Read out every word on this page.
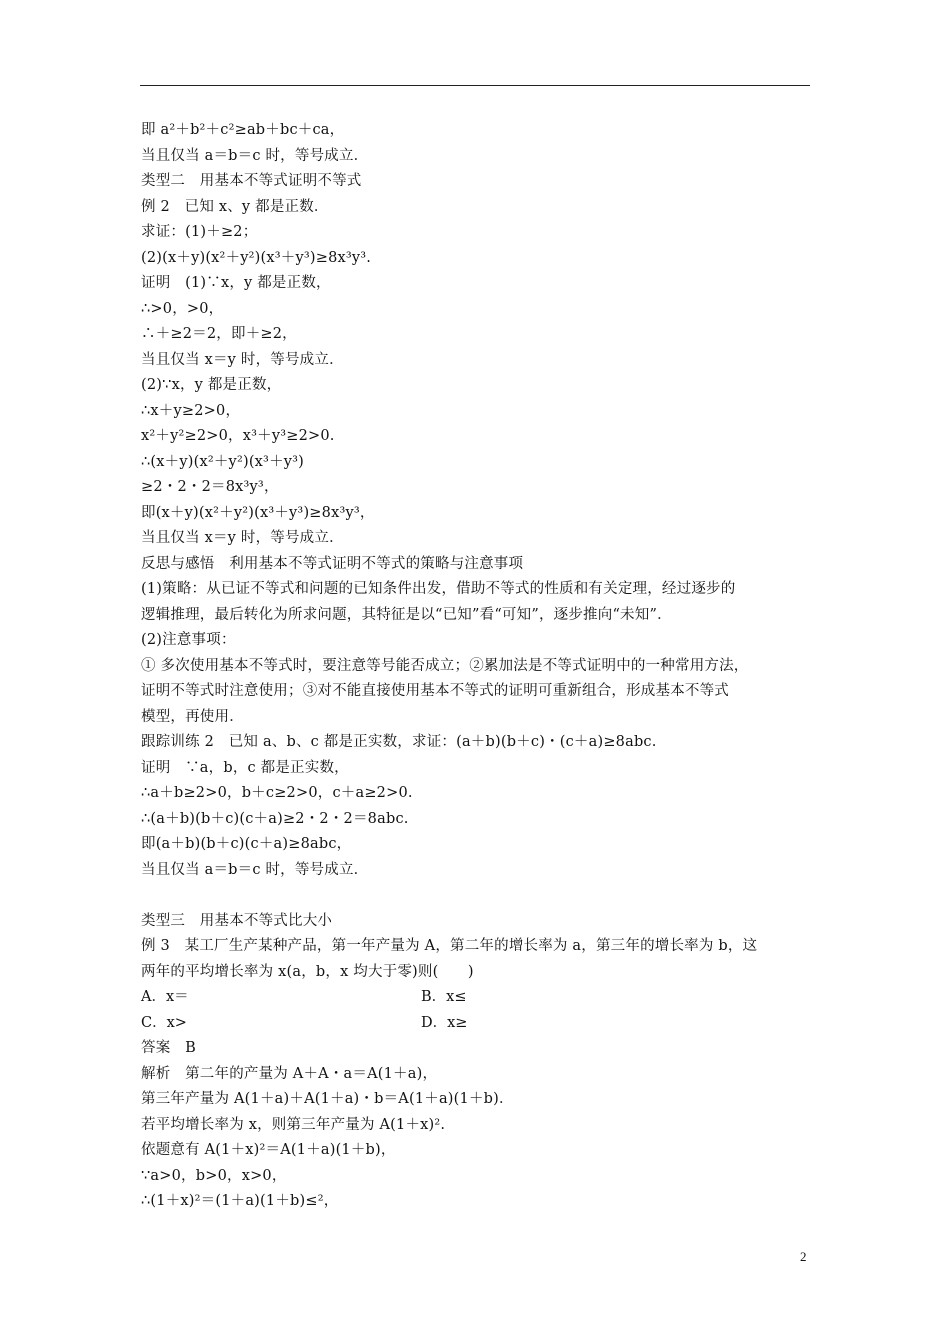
即 a²＋b²＋c²≥ab＋bc＋ca，
当且仅当 a＝b＝c 时，等号成立．
类型二　用基本不等式证明不等式
例 2　已知 x、y 都是正数．
求证：(1)＋≥2；
(2)(x＋y)(x²＋y²)(x³＋y³)≥8x³y³.
证明　(1)∵x，y 都是正数，
∴>0，>0，
∴＋≥2＝2，即＋≥2，
当且仅当 x＝y 时，等号成立．
(2)∵x，y 都是正数，
∴x＋y≥2>0，
x²＋y²≥2>0，x³＋y³≥2>0.
∴(x＋y)(x²＋y²)(x³＋y³)
≥2・2・2＝8x³y³，
即(x＋y)(x²＋y²)(x³＋y³)≥8x³y³，
当且仅当 x＝y 时，等号成立．
反思与感悟　利用基本不等式证明不等式的策略与注意事项
(1)策略：从已证不等式和问题的已知条件出发，借助不等式的性质和有关定理，经过逐步的
逻辑推理，最后转化为所求问题，其特征是以“已知”看“可知”，逐步推向“未知”．
(2)注意事项：
① 多次使用基本不等式时，要注意等号能否成立；②累加法是不等式证明中的一种常用方法，
证明不等式时注意使用；③对不能直接使用基本不等式的证明可重新组合，形成基本不等式
模型，再使用．
跟踪训练 2　已知 a、b、c 都是正实数，求证：(a＋b)(b＋c)・(c＋a)≥8abc.
证明　∵a，b，c 都是正实数，
∴a＋b≥2>0，b＋c≥2>0，c＋a≥2>0.
∴(a＋b)(b＋c)(c＋a)≥2・2・2＝8abc.
即(a＋b)(b＋c)(c＋a)≥8abc，
当且仅当 a＝b＝c 时，等号成立．
类型三　用基本不等式比大小
例 3　某工厂生产某种产品，第一年产量为 A，第二年的增长率为 a，第三年的增长率为 b，这
两年的平均增长率为 x(a，b，x 均大于零)则(　　)
A．x＝	B．x≤
C．x>	D．x≥
答案　B
解析　第二年的产量为 A＋A・a＝A(1＋a)，
第三年产量为 A(1＋a)＋A(1＋a)・b＝A(1＋a)(1＋b)．
若平均增长率为 x，则第三年产量为 A(1＋x)².
依题意有 A(1＋x)²＝A(1＋a)(1＋b)，
∵a>0，b>0，x>0，
∴(1＋x)²＝(1＋a)(1＋b)≤²，
2
